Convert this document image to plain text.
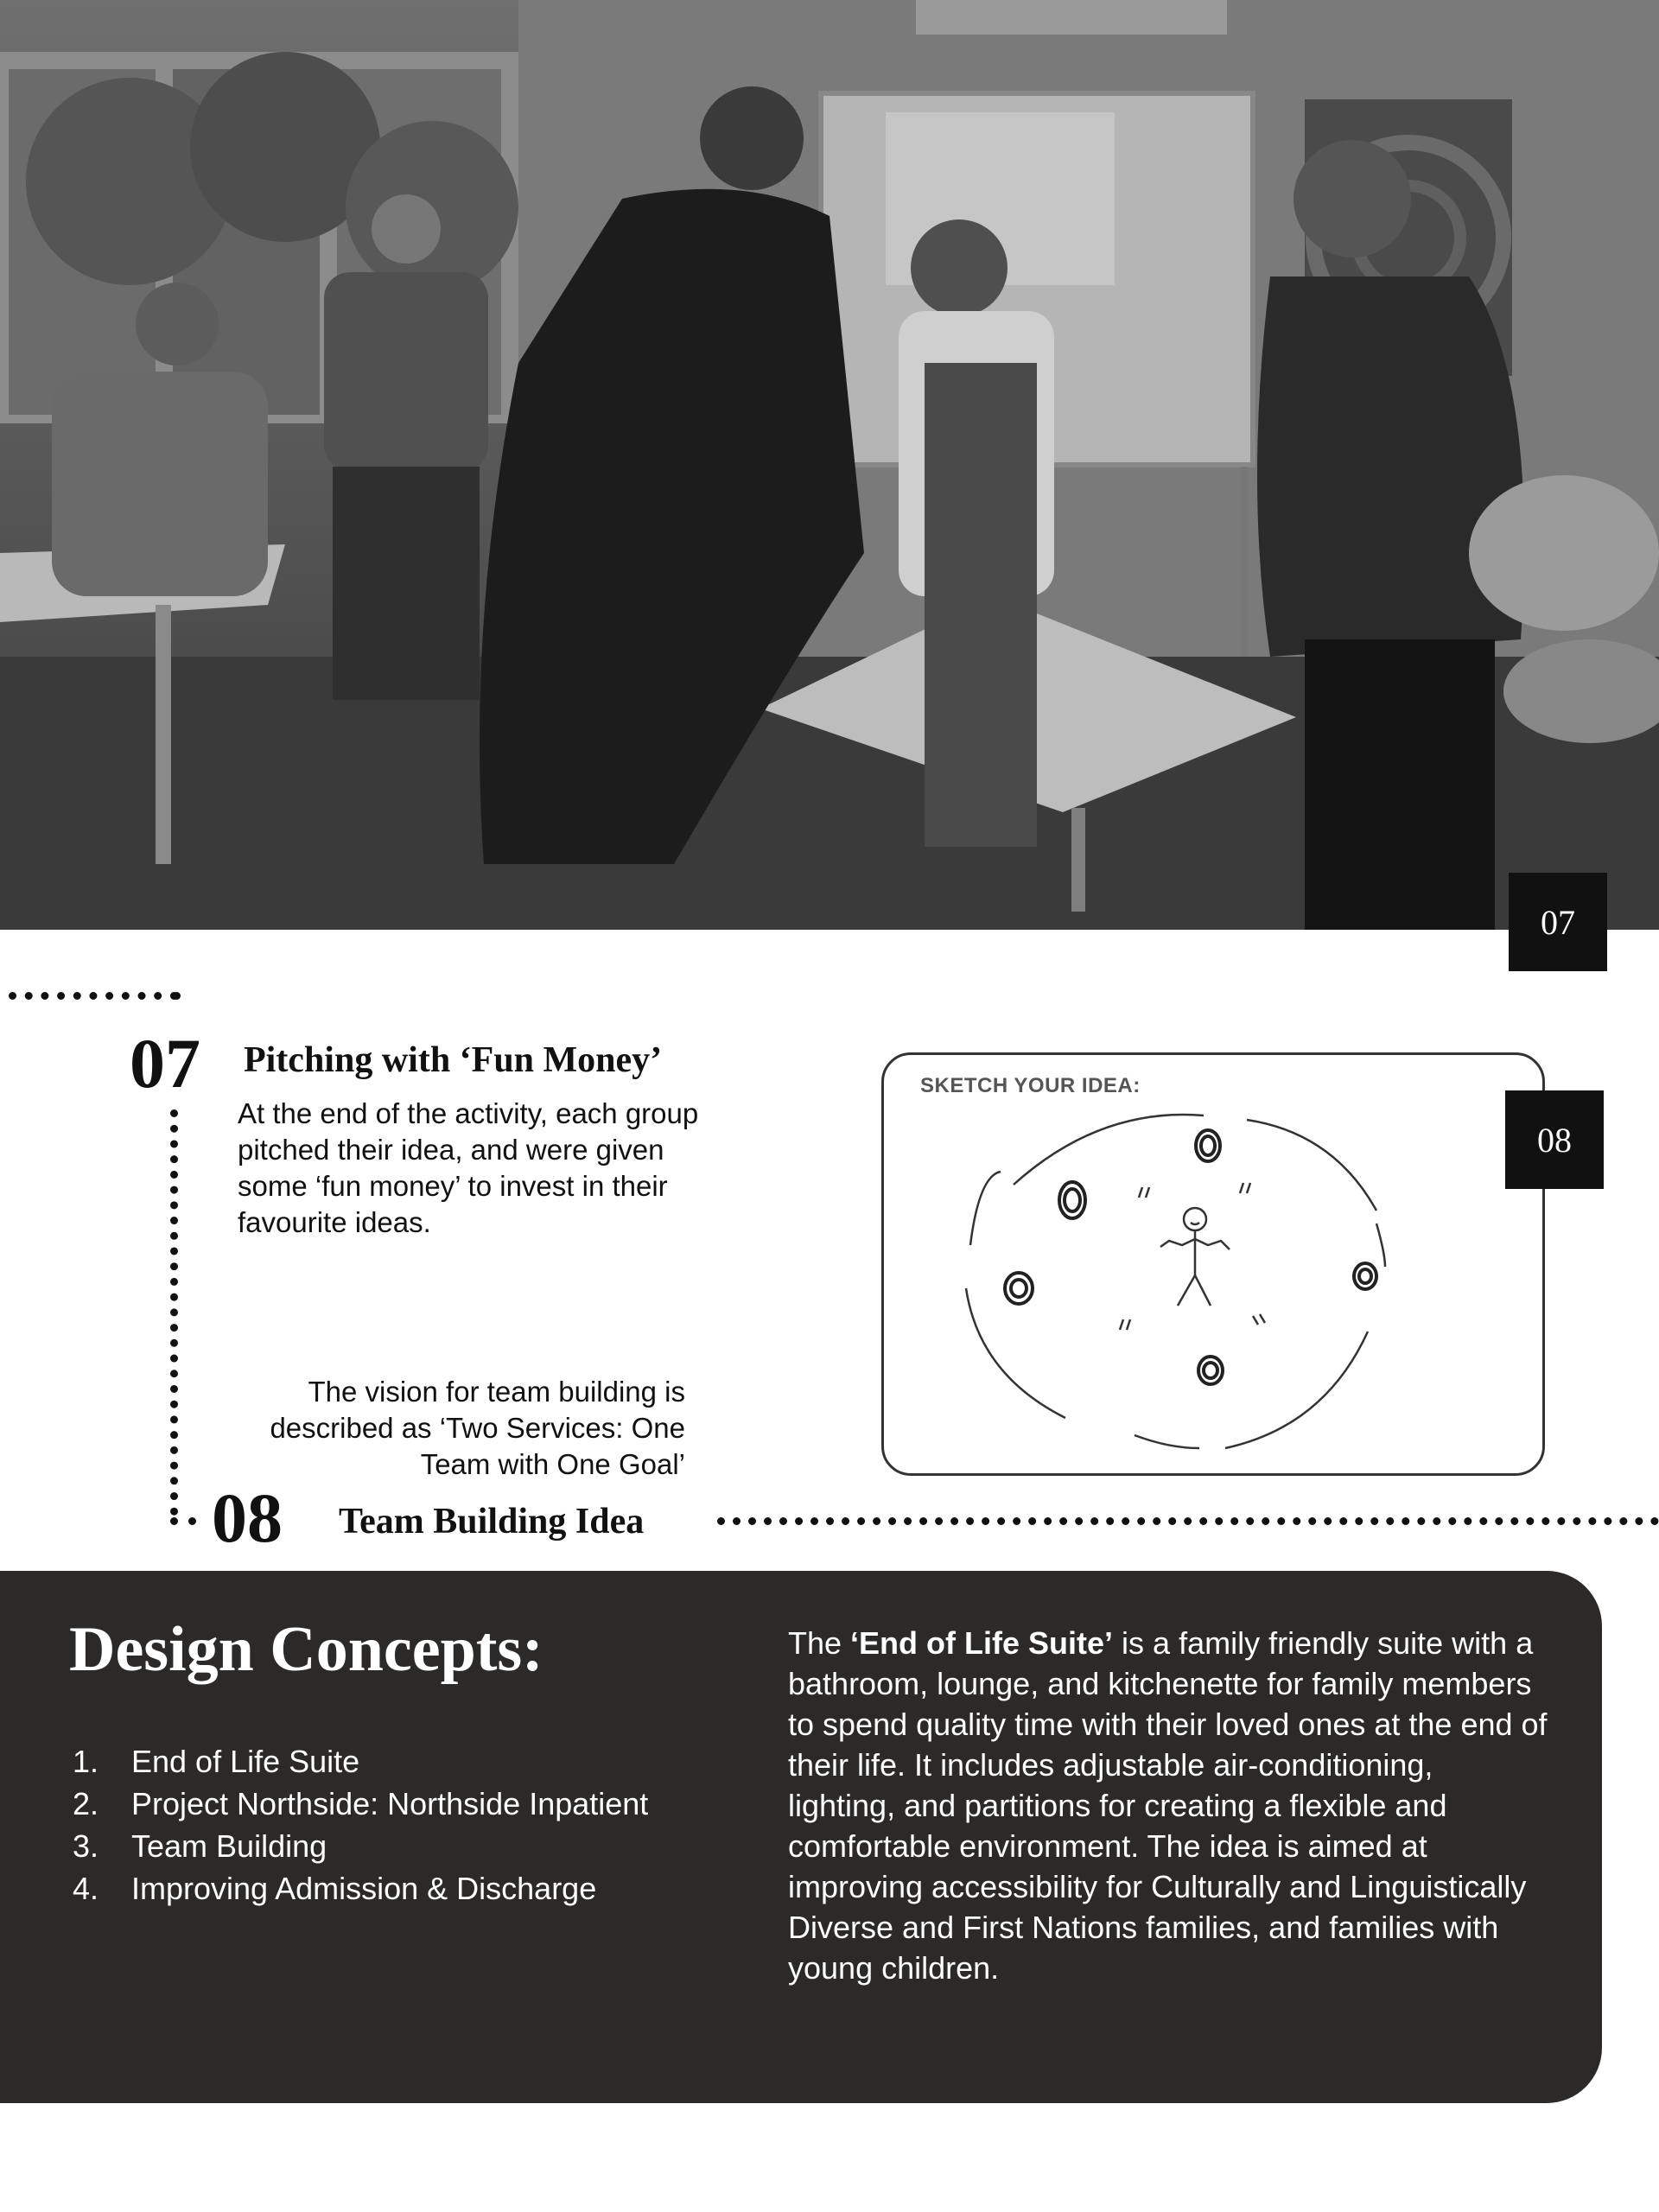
07
07 Pitching with ‘Fun Money’
At the end of the activity, each group pitched their idea, and were given some ‘fun money’ to invest in their favourite ideas.
The vision for team building is described as ‘Two Services: One Team with One Goal’
08 Team Building Idea
SKETCH YOUR IDEA:
08
Design Concepts:
1. End of Life Suite
2. Project Northside: Northside Inpatient
3. Team Building
4. Improving Admission & Discharge
The ‘End of Life Suite’ is a family friendly suite with a bathroom, lounge, and kitchenette for family members to spend quality time with their loved ones at the end of their life. It includes adjustable air-conditioning, lighting, and partitions for creating a flexible and comfortable environment. The idea is aimed at improving accessibility for Culturally and Linguistically Diverse and First Nations families, and families with young children.
